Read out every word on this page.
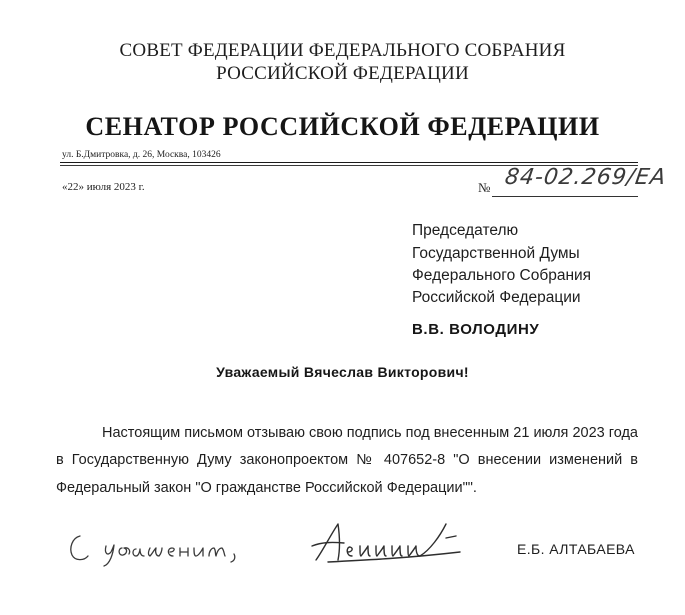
СОВЕТ ФЕДЕРАЦИИ ФЕДЕРАЛЬНОГО СОБРАНИЯ
РОССИЙСКОЙ ФЕДЕРАЦИИ
СЕНАТОР РОССИЙСКОЙ ФЕДЕРАЦИИ
ул. Б.Дмитровка, д. 26, Москва, 103426
«22» июля 2023 г.	№ 84-02.269/ЕА
Председателю
Государственной Думы
Федерального Собрания
Российской Федерации
В.В. ВОЛОДИНУ
Уважаемый Вячеслав Викторович!
Настоящим письмом отзываю свою подпись под внесенным 21 июля 2023 года
в Государственную Думу законопроектом № 407652-8 "О внесении изменений в
Федеральный закон "О гражданстве Российской Федерации"".
Е.Б. АЛТАБАЕВА
